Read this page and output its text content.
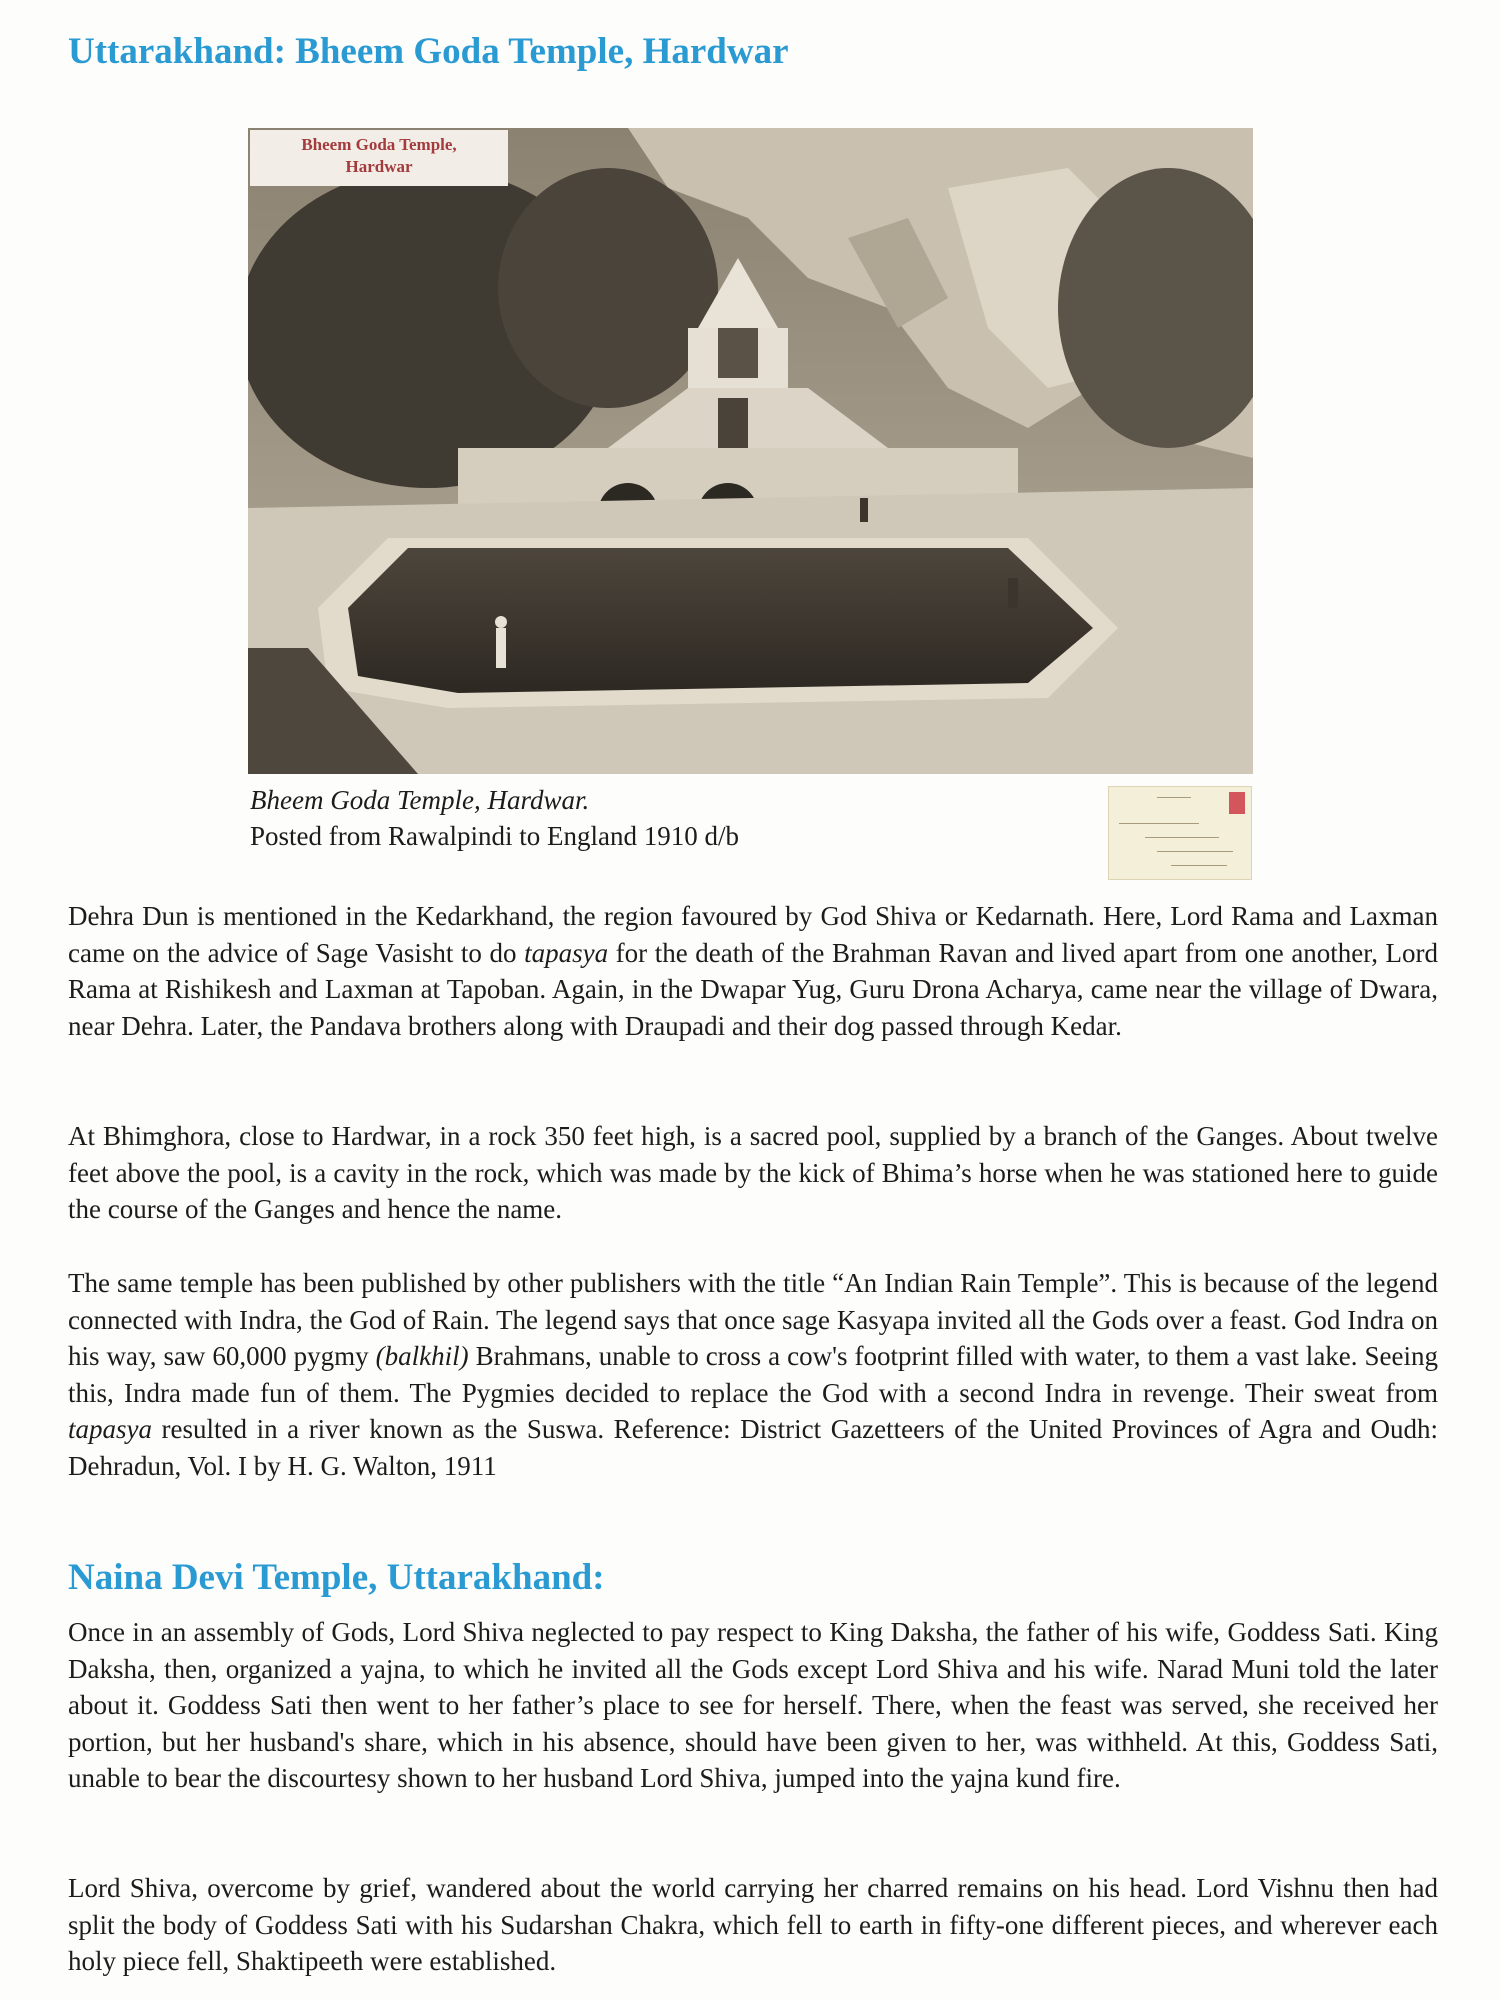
Uttarakhand: Bheem Goda Temple, Hardwar
Bheem Goda Temple,
Hardwar
Bheem Goda Temple, Hardwar.
Posted from Rawalpindi to England 1910 d/b

Dehra Dun is mentioned in the Kedarkhand, the region favoured by God Shiva or Kedarnath. Here, Lord Rama and Laxman came on the advice of Sage Vasisht to do tapasya for the death of the Brahman Ravan and lived apart from one another, Lord Rama at Rishikesh and Laxman at Tapoban. Again, in the Dwapar Yug, Guru Drona Acharya, came near the village of Dwara, near Dehra. Later, the Pandava brothers along with Draupadi and their dog passed through Kedar.

At Bhimghora, close to Hardwar, in a rock 350 feet high, is a sacred pool, supplied by a branch of the Ganges. About twelve feet above the pool, is a cavity in the rock, which was made by the kick of Bhima’s horse when he was stationed here to guide the course of the Ganges and hence the name.

The same temple has been published by other publishers with the title “An Indian Rain Temple”. This is because of the legend connected with Indra, the God of Rain. The legend says that once sage Kasyapa invited all the Gods over a feast. God Indra on his way, saw 60,000 pygmy (balkhil) Brahmans, unable to cross a cow's footprint filled with water, to them a vast lake. Seeing this, Indra made fun of them. The Pygmies decided to replace the God with a second Indra in revenge. Their sweat from tapasya resulted in a river known as the Suswa. Reference: District Gazetteers of the United Provinces of Agra and Oudh: Dehradun, Vol. I by H. G. Walton, 1911

Naina Devi Temple, Uttarakhand:

Once in an assembly of Gods, Lord Shiva neglected to pay respect to King Daksha, the father of his wife, Goddess Sati. King Daksha, then, organized a yajna, to which he invited all the Gods except Lord Shiva and his wife. Narad Muni told the later about it. Goddess Sati then went to her father’s place to see for herself. There, when the feast was served, she received her portion, but her husband's share, which in his absence, should have been given to her, was withheld. At this, Goddess Sati, unable to bear the discourtesy shown to her husband Lord Shiva, jumped into the yajna kund fire.

Lord Shiva, overcome by grief, wandered about the world carrying her charred remains on his head. Lord Vishnu then had split the body of Goddess Sati with his Sudarshan Chakra, which fell to earth in fifty-one different pieces, and wherever each holy piece fell, Shaktipeeth were established.
